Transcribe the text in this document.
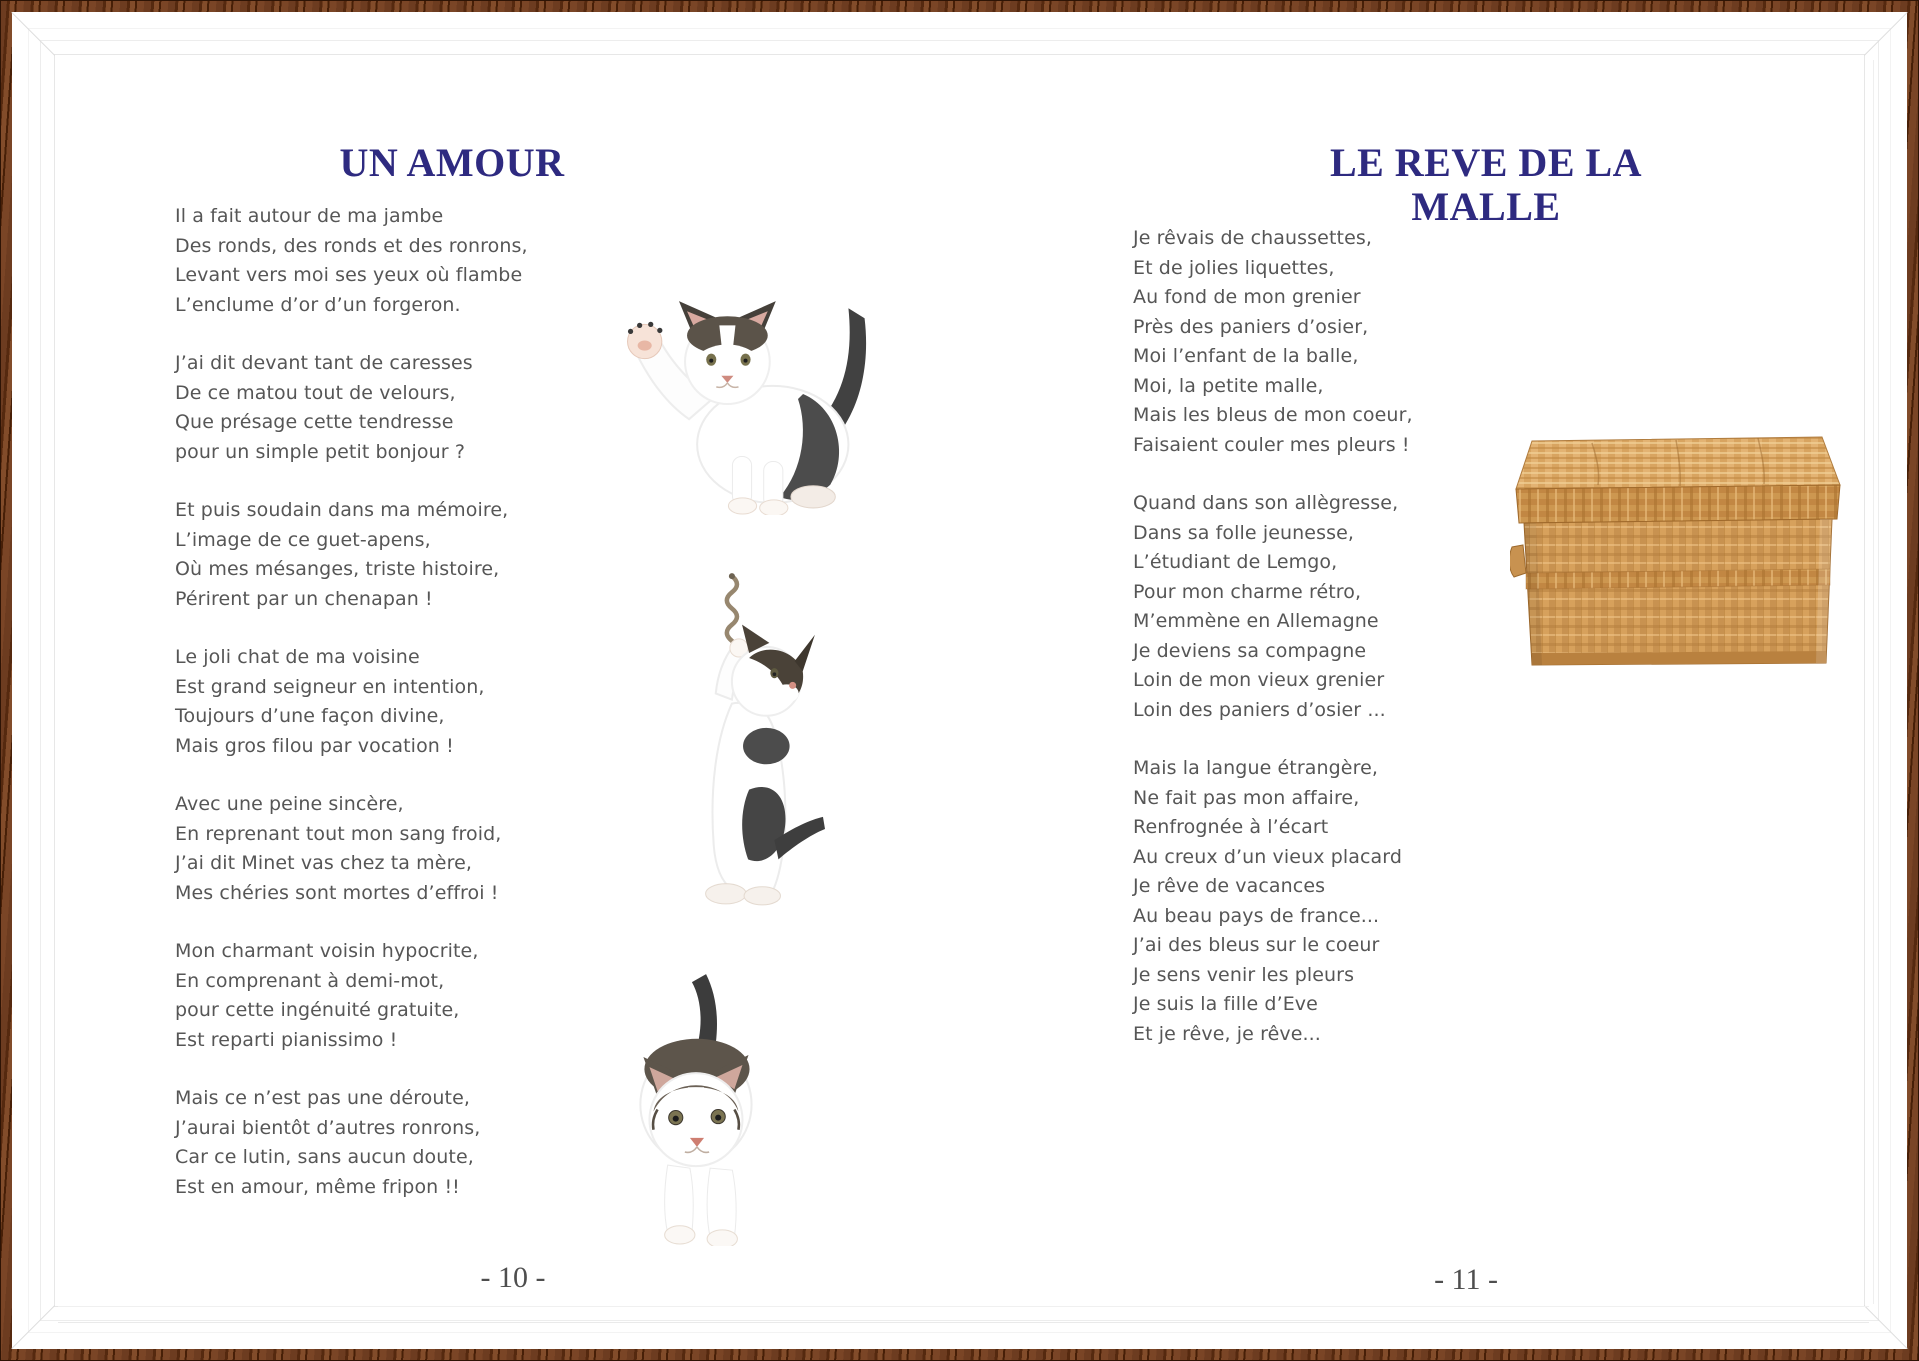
UN AMOUR
Il a fait autour de ma jambe
Des ronds, des ronds et des ronrons,
Levant vers moi ses yeux où flambe
L’enclume d’or d’un forgeron.
J’ai dit devant tant de caresses
De ce matou tout de velours,
Que présage cette tendresse
pour un simple petit bonjour ?
Et puis soudain dans ma mémoire,
L’image de ce guet-apens,
Où mes mésanges, triste histoire,
Périrent par un chenapan !
Le joli chat de ma voisine
Est grand seigneur en intention,
Toujours d’une façon divine,
Mais gros filou par vocation !
Avec une peine sincère,
En reprenant tout mon sang froid,
J’ai dit Minet vas chez ta mère,
Mes chéries sont mortes d’effroi !
Mon charmant voisin hypocrite,
En comprenant à demi-mot,
pour cette ingénuité gratuite,
Est reparti pianissimo !
Mais ce n’est pas une déroute,
J’aurai bientôt d’autres ronrons,
Car ce lutin, sans aucun doute,
Est en amour, même fripon !!
- 10 -
LE REVE DE LA MALLE
Je rêvais de chaussettes,
Et de jolies liquettes,
Au fond de mon grenier
Près des paniers d’osier,
Moi l’enfant de la balle,
Moi, la petite malle,
Mais les bleus de mon coeur,
Faisaient couler mes pleurs !
Quand dans son allègresse,
Dans sa folle jeunesse,
L’étudiant de Lemgo,
Pour mon charme rétro,
M’emmène en Allemagne
Je deviens sa compagne
Loin de mon vieux grenier
Loin des paniers d’osier ...
Mais la langue étrangère,
Ne fait pas mon affaire,
Renfrognée à l’écart
Au creux d’un vieux placard
Je rêve de vacances
Au beau pays de france...
J’ai des bleus sur le coeur
Je sens venir les pleurs
Je suis la fille d’Eve
Et je rêve, je rêve...
- 11 -
